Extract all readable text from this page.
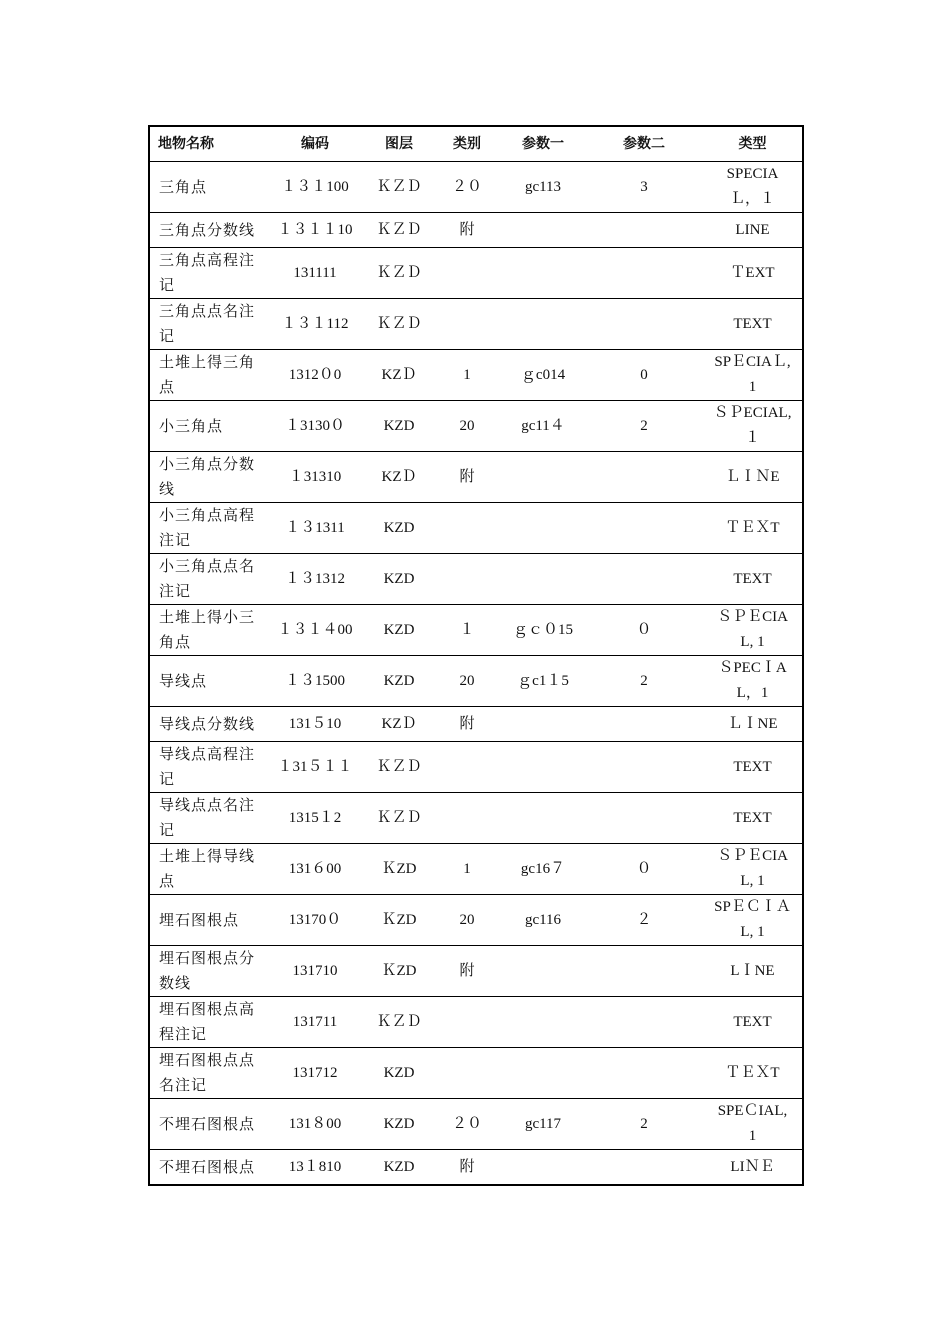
地物名称	编码	图层	类别	参数一	参数二	类型
三角点	１３１100	ＫＺＤ	２０	gc113	3	SPECIAＬ，１
三角点分数线	１３１１10	ＫＺＤ	附			LINE
三角点高程注记	131111	ＫＺＤ				ＴEXT
三角点点名注记	１３１112	ＫＺＤ				TEXT
土堆上得三角点	1312０0	KZＤ	1	ｇc014	0	SPＥCIAＬ, 1
小三角点	１3130０	KZD	20	gc11４	2	ＳＰECIAL, １
小三角点分数线	１31310	KZＤ	附			ＬＩＮE
小三角点高程注记	１３1311	KZD				ＴＥＸT
小三角点点名注记	１３1312	KZD				TEXT
土堆上得小三角点	１３１４00	KZD	１	ｇｃ０15	０	ＳＰＥCIAL, 1
导线点	１３1500	KZD	20	ｇc1１5	2	ＳPECＩAL，1
导线点分数线	131５10	KZＤ	附			ＬＩNE
导线点高程注记	１31５１１	ＫＺＤ				TEXT
导线点点名注记	1315１2	ＫＺＤ				TEXT
土堆上得导线点	131６00	ＫZD	1	gc16７	０	ＳＰＥCIAL, 1
埋石图根点	13170０	ＫZD	20	gc116	２	SPＥＣＩＡL, 1
埋石图根点分数线	131710	ＫZD	附			LＩNE
埋石图根点高程注记	131711	ＫＺＤ				TEXT
埋石图根点点名注记	131712	KZD				ＴＥＸT
不埋石图根点	131８00	KZD	２０	gc117	2	SPEＣIAL, 1
不埋石图根点	13１810	KZD	附			LIＮＥ
